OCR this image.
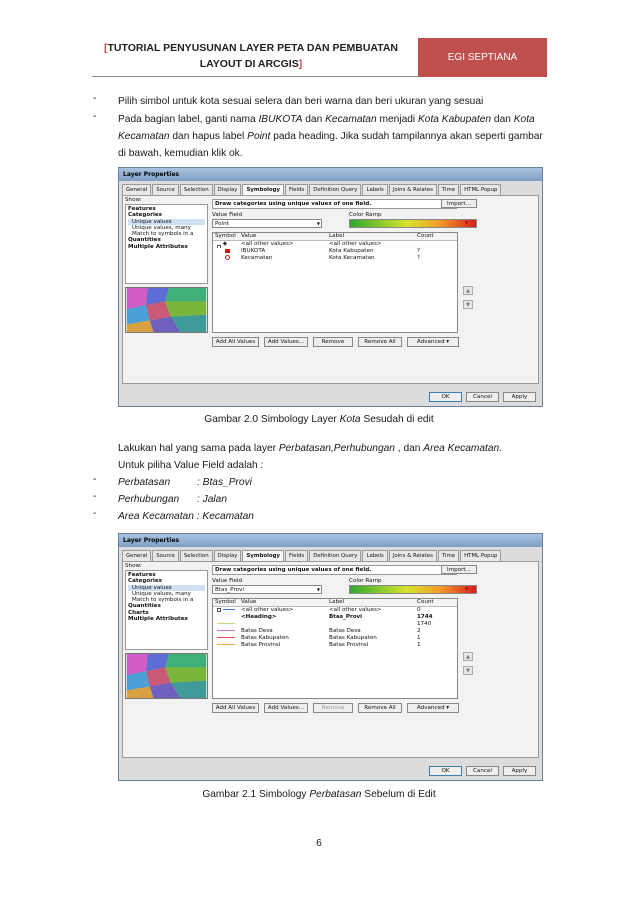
[TUTORIAL PENYUSUNAN LAYER PETA DAN PEMBUATAN
LAYOUT DI ARCGIS]
EGI SEPTIANA
- Pilih simbol untuk kota sesuai selera dan beri warna dan beri ukuran yang sesuai
- Pada bagian label, ganti nama IBUKOTA dan Kecamatan menjadi Kota Kabupaten dan Kota
Kecamatan dan hapus label Point pada heading. Jika sudah tampilannya akan seperti gambar
di bawah, kemudian klik ok.
Layer Properties
General	Source	Selection	Display	Symbology	Fields	Definition Query	Labels	Joins & Relates	Time	HTML Popup
Show:
Features
Categories
Unique values
Unique values, many
Match to symbols in a
Quantities
Multiple Attributes
Draw categories using unique values of one field.	Import...
Value Field
Point ▼
Color Ramp
▼
Symbol Value	Label	Count
◆	<all other values>	<all other values>
IBUKOTA	Kota Kabupaten	?
Kecamatan	Kota Kecamatan	?
▲
▼
Add All Values	Add Values...	Remove	Remove All	Advanced ▾
OK	Cancel	Apply
Gambar 2.0 Simbology Layer Kota Sesudah di edit
Lakukan hal yang sama pada layer Perbatasan,Perhubungan , dan Area Kecamatan.
Untuk piliha Value Field adalah :
- Perbatasan	: Btas_Provi
- Perhubungan : Jalan
- Area Kecamatan : Kecamatan
Layer Properties
General	Source	Selection	Display	Symbology	Fields	Definition Query	Labels	Joins & Relates	Time	HTML Popup
Show:
Features
Categories
Unique values
Unique values, many
Match to symbols in a
Quantities
Charts
Multiple Attributes
Draw categories using unique values of one field.	Import...
Value Field
Btas_Provi ▼
Color Ramp
▼
Symbol Value	Label	Count
<all other values>	<all other values>	0
<Heading>	Btas_Provi	1744
1740
Batas Desa	Batas Desa	2
Batas Kabupaten	Batas Kabupaten	1
Batas Provinsi	Batas Provinsi	1
▲
▼
Add All Values	Add Values...	Remove	Remove All	Advanced ▾
OK	Cancel	Apply
Gambar 2.1 Simbology Perbatasan Sebelum di Edit
6
